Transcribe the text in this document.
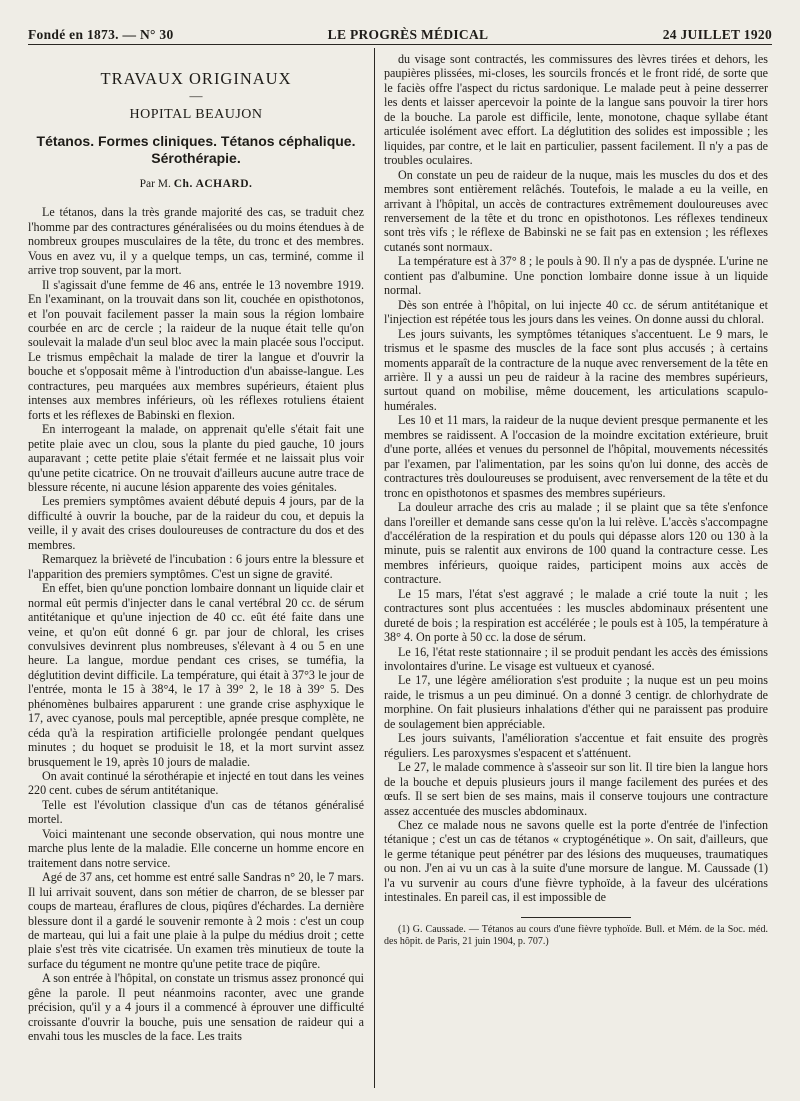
Fondé en 1873. — N° 30	LE PROGRÈS MÉDICAL	24 JUILLET 1920
TRAVAUX ORIGINAUX
—
HOPITAL BEAUJON
Tétanos. Formes cliniques. Tétanos céphalique. Sérothérapie.
Par M. Ch. ACHARD.

Le tétanos, dans la très grande majorité des cas, se traduit chez l'homme par des contractures généralisées ou du moins étendues à de nombreux groupes musculaires de la tête, du tronc et des membres. Vous en avez vu, il y a quelque temps, un cas, terminé, comme il arrive trop souvent, par la mort.

Il s'agissait d'une femme de 46 ans, entrée le 13 novembre 1919. En l'examinant, on la trouvait dans son lit, couchée en opisthotonos, et l'on pouvait facilement passer la main sous la région lombaire courbée en arc de cercle ; la raideur de la nuque était telle qu'on soulevait la malade d'un seul bloc avec la main placée sous l'occiput. Le trismus empêchait la malade de tirer la langue et d'ouvrir la bouche et s'opposait même à l'introduction d'un abaisse-langue. Les contractures, peu marquées aux membres supérieurs, étaient plus intenses aux membres inférieurs, où les réflexes rotuliens étaient forts et les réflexes de Babinski en flexion.

En interrogeant la malade, on apprenait qu'elle s'était fait une petite plaie avec un clou, sous la plante du pied gauche, 10 jours auparavant ; cette petite plaie s'était fermée et ne laissait plus voir qu'une petite cicatrice. On ne trouvait d'ailleurs aucune autre trace de blessure récente, ni aucune lésion apparente des voies génitales.

Les premiers symptômes avaient débuté depuis 4 jours, par de la difficulté à ouvrir la bouche, par de la raideur du cou, et depuis la veille, il y avait des crises douloureuses de contracture du dos et des membres.

Remarquez la brièveté de l'incubation : 6 jours entre la blessure et l'apparition des premiers symptômes. C'est un signe de gravité.

En effet, bien qu'une ponction lombaire donnant un liquide clair et normal eût permis d'injecter dans le canal vertébral 20 cc. de sérum antitétanique et qu'une injection de 40 cc. eût été faite dans une veine, et qu'on eût donné 6 gr. par jour de chloral, les crises convulsives devinrent plus nombreuses, s'élevant à 4 ou 5 en une heure. La langue, mordue pendant ces crises, se tuméfia, la déglutition devint difficile. La température, qui était à 37°3 le jour de l'entrée, monta le 15 à 38°4, le 17 à 39° 2, le 18 à 39° 5. Des phénomènes bulbaires apparurent : une grande crise asphyxique le 17, avec cyanose, pouls mal perceptible, apnée presque complète, ne céda qu'à la respiration artificielle prolongée pendant quelques minutes ; du hoquet se produisit le 18, et la mort survint assez brusquement le 19, après 10 jours de maladie.

On avait continué la sérothérapie et injecté en tout dans les veines 220 cent. cubes de sérum antitétanique.

Telle est l'évolution classique d'un cas de tétanos généralisé mortel.

Voici maintenant une seconde observation, qui nous montre une marche plus lente de la maladie. Elle concerne un homme encore en traitement dans notre service.

Agé de 37 ans, cet homme est entré salle Sandras n° 20, le 7 mars. Il lui arrivait souvent, dans son métier de charron, de se blesser par coups de marteau, éraflures de clous, piqûres d'échardes. La dernière blessure dont il a gardé le souvenir remonte à 2 mois : c'est un coup de marteau, qui lui a fait une plaie à la pulpe du médius droit ; cette plaie s'est très vite cicatrisée. Un examen très minutieux de toute la surface du tégument ne montre qu'une petite trace de piqûre.

A son entrée à l'hôpital, on constate un trismus assez prononcé qui gêne la parole. Il peut néanmoins raconter, avec une grande précision, qu'il y a 4 jours il a commencé à éprouver une difficulté croissante d'ouvrir la bouche, puis une sensation de raideur qui a envahi tous les muscles de la face. Les traits

du visage sont contractés, les commissures des lèvres tirées et dehors, les paupières plissées, mi-closes, les sourcils froncés et le front ridé, de sorte que le faciès offre l'aspect du rictus sardonique. Le malade peut à peine desserrer les dents et laisser apercevoir la pointe de la langue sans pouvoir la tirer hors de la bouche. La parole est difficile, lente, monotone, chaque syllabe étant articulée isolément avec effort. La déglutition des solides est impossible ; les liquides, par contre, et le lait en particulier, passent facilement. Il n'y a pas de troubles oculaires.

On constate un peu de raideur de la nuque, mais les muscles du dos et des membres sont entièrement relâchés. Toutefois, le malade a eu la veille, en arrivant à l'hôpital, un accès de contractures extrêmement douloureuses avec renversement de la tête et du tronc en opisthotonos. Les réflexes tendineux sont très vifs ; le réflexe de Babinski ne se fait pas en extension ; les réflexes cutanés sont normaux.

La température est à 37° 8 ; le pouls à 90. Il n'y a pas de dyspnée. L'urine ne contient pas d'albumine. Une ponction lombaire donne issue à un liquide normal.

Dès son entrée à l'hôpital, on lui injecte 40 cc. de sérum antitétanique et l'injection est répétée tous les jours dans les veines. On donne aussi du chloral.

Les jours suivants, les symptômes tétaniques s'accentuent. Le 9 mars, le trismus et le spasme des muscles de la face sont plus accusés ; à certains moments apparaît de la contracture de la nuque avec renversement de la tête en arrière. Il y a aussi un peu de raideur à la racine des membres supérieurs, surtout quand on mobilise, même doucement, les articulations scapulo-humérales.

Les 10 et 11 mars, la raideur de la nuque devient presque permanente et les membres se raidissent. A l'occasion de la moindre excitation extérieure, bruit d'une porte, allées et venues du personnel de l'hôpital, mouvements nécessités par l'examen, par l'alimentation, par les soins qu'on lui donne, des accès de contractures très douloureuses se produisent, avec renversement de la tête et du tronc en opisthotonos et spasmes des membres supérieurs.

La douleur arrache des cris au malade ; il se plaint que sa tête s'enfonce dans l'oreiller et demande sans cesse qu'on la lui relève. L'accès s'accompagne d'accélération de la respiration et du pouls qui dépasse alors 120 ou 130 à la minute, puis se ralentit aux environs de 100 quand la contracture cesse. Les membres inférieurs, quoique raides, participent moins aux accès de contracture.

Le 15 mars, l'état s'est aggravé ; le malade a crié toute la nuit ; les contractures sont plus accentuées : les muscles abdominaux présentent une dureté de bois ; la respiration est accélérée ; le pouls est à 105, la température à 38° 4. On porte à 50 cc. la dose de sérum.

Le 16, l'état reste stationnaire ; il se produit pendant les accès des émissions involontaires d'urine. Le visage est vultueux et cyanosé.

Le 17, une légère amélioration s'est produite ; la nuque est un peu moins raide, le trismus a un peu diminué. On a donné 3 centigr. de chlorhydrate de morphine. On fait plusieurs inhalations d'éther qui ne paraissent pas produire de soulagement bien appréciable.

Les jours suivants, l'amélioration s'accentue et fait ensuite des progrès réguliers. Les paroxysmes s'espacent et s'atténuent.

Le 27, le malade commence à s'asseoir sur son lit. Il tire bien la langue hors de la bouche et depuis plusieurs jours il mange facilement des purées et des œufs. Il se sert bien de ses mains, mais il conserve toujours une contracture assez accentuée des muscles abdominaux.

Chez ce malade nous ne savons quelle est la porte d'entrée de l'infection tétanique ; c'est un cas de tétanos « cryptogénétique ». On sait, d'ailleurs, que le germe tétanique peut pénétrer par des lésions des muqueuses, traumatiques ou non. J'en ai vu un cas à la suite d'une morsure de langue. M. Caussade (1) l'a vu survenir au cours d'une fièvre typhoïde, à la faveur des ulcérations intestinales. En pareil cas, il est impossible de

(1) G. Caussade. — Tétanos au cours d'une fièvre typhoïde. Bull. et Mém. de la Soc. méd. des hôpit. de Paris, 21 juin 1904, p. 707.)
